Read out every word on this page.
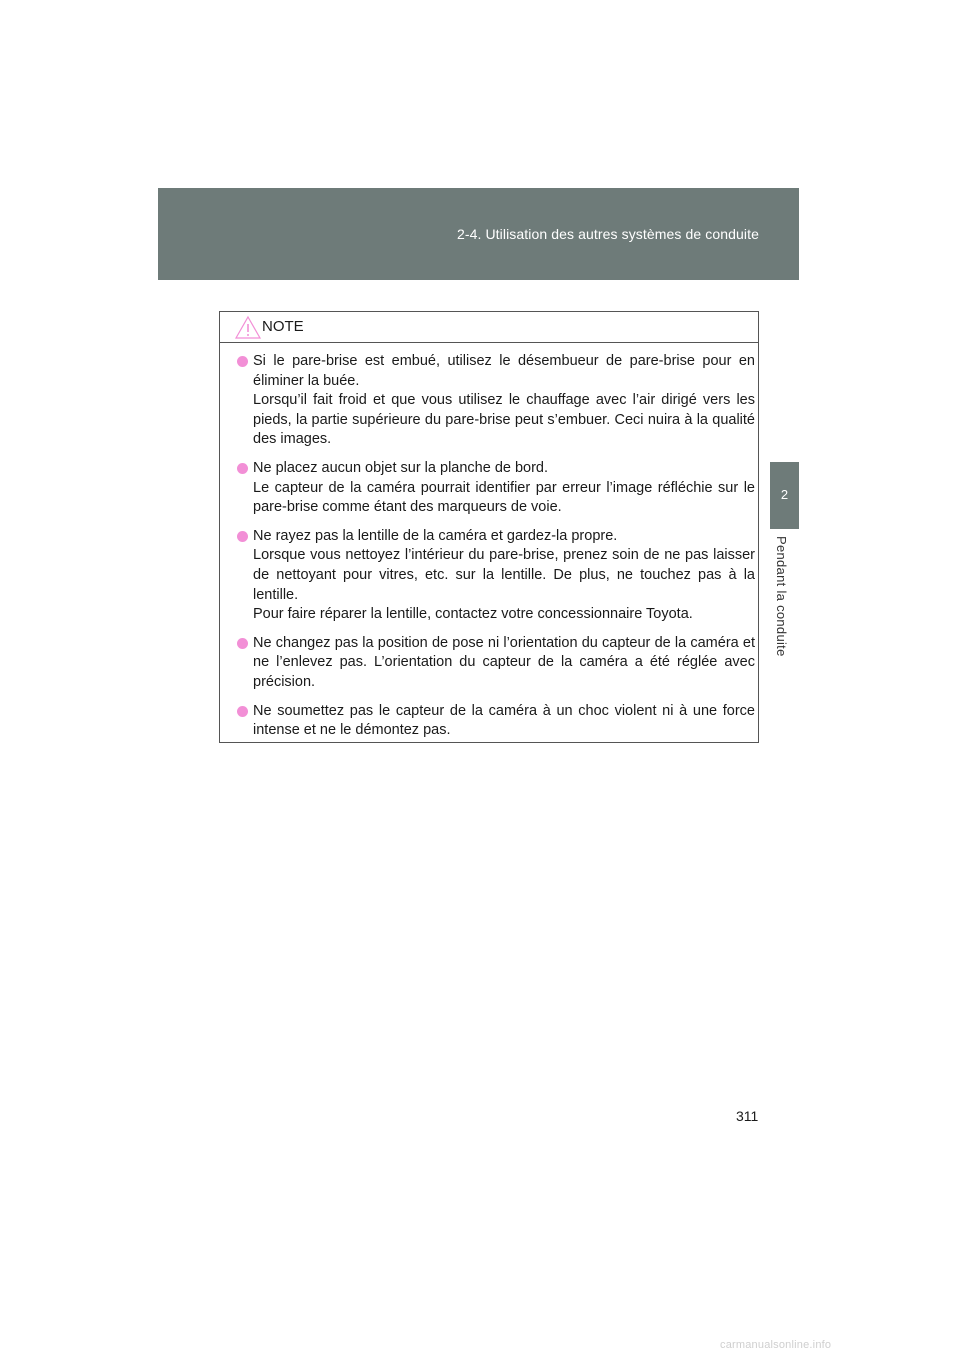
2-4. Utilisation des autres systèmes de conduite
2
Pendant la conduite
NOTE
Si le pare-brise est embué, utilisez le désembueur de pare-brise pour en éliminer la buée.
Lorsqu’il fait froid et que vous utilisez le chauffage avec l’air dirigé vers les pieds, la partie supérieure du pare-brise peut s’embuer. Ceci nuira à la qualité des images.
Ne placez aucun objet sur la planche de bord.
Le capteur de la caméra pourrait identifier par erreur l’image réfléchie sur le pare-brise comme étant des marqueurs de voie.
Ne rayez pas la lentille de la caméra et gardez-la propre.
Lorsque vous nettoyez l’intérieur du pare-brise, prenez soin de ne pas laisser de nettoyant pour vitres, etc. sur la lentille. De plus, ne touchez pas à la lentille.
Pour faire réparer la lentille, contactez votre concessionnaire Toyota.
Ne changez pas la position de pose ni l’orientation du capteur de la caméra et ne l’enlevez pas. L’orientation du capteur de la caméra a été réglée avec précision.
Ne soumettez pas le capteur de la caméra à un choc violent ni à une force intense et ne le démontez pas.
311
carmanualsonline.info
